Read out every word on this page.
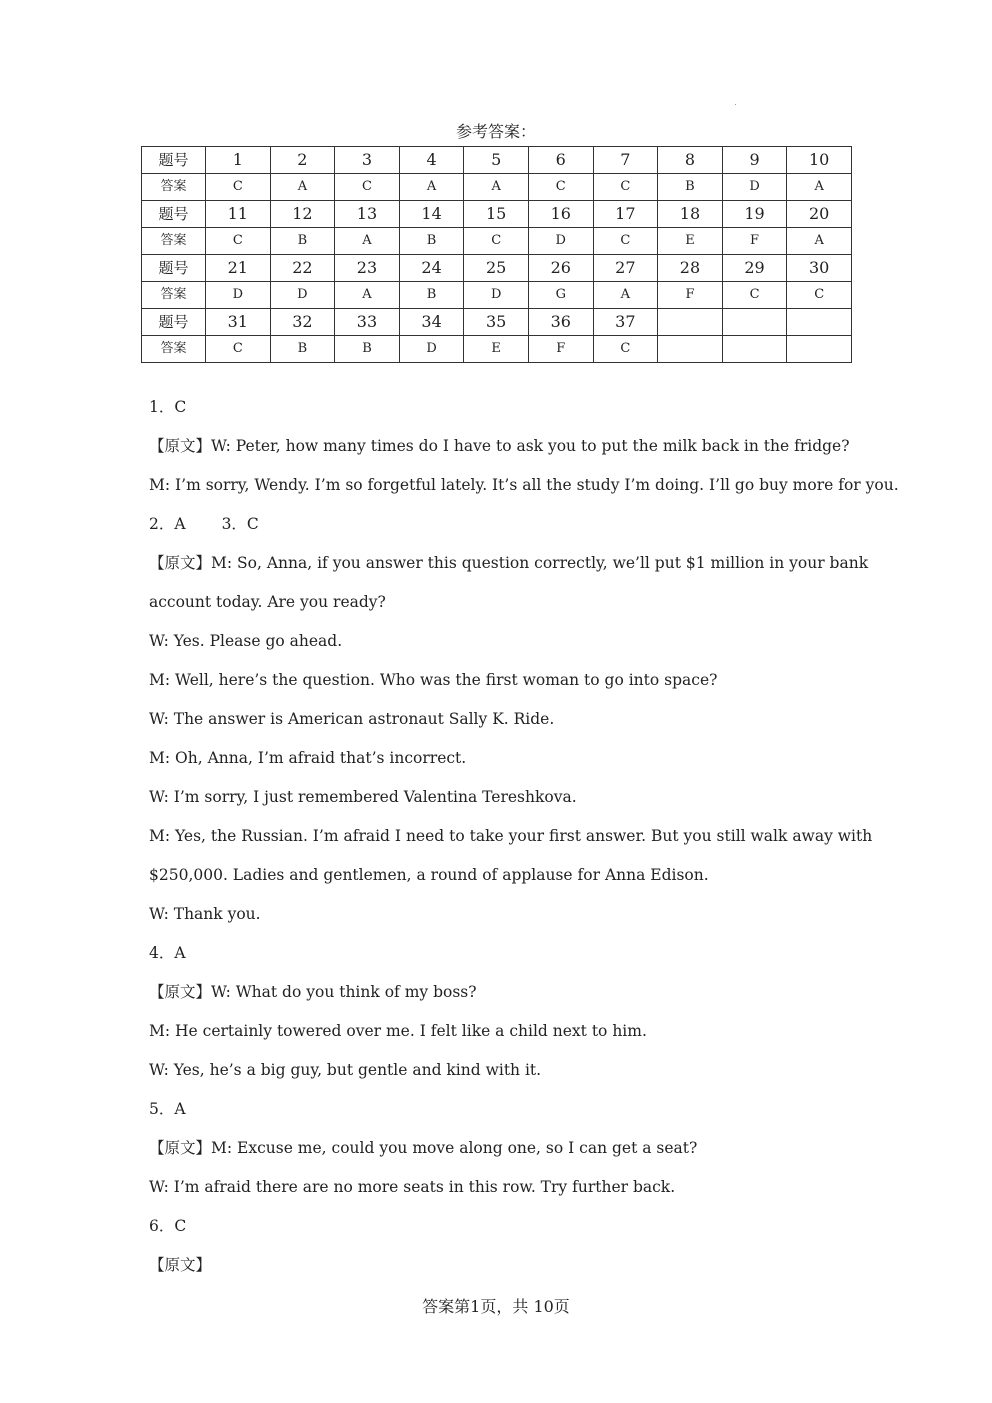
参考答案：
题号	1	2	3	4	5	6	7	8	9	10
答案	C	A	C	A	A	C	C	B	D	A
题号	11	12	13	14	15	16	17	18	19	20
答案	C	B	A	B	C	D	C	E	F	A
题号	21	22	23	24	25	26	27	28	29	30
答案	D	D	A	B	D	G	A	F	C	C
题号	31	32	33	34	35	36	37			
答案	C	B	B	D	E	F	C			
1．C
【原文】W: Peter, how many times do I have to ask you to put the milk back in the fridge?
M: I’m sorry, Wendy. I’m so forgetful lately. It’s all the study I’m doing. I’ll go buy more for you.
2．A 3．C
【原文】M: So, Anna, if you answer this question correctly, we’ll put $1 million in your bank
account today. Are you ready?
W: Yes. Please go ahead.
M: Well, here’s the question. Who was the first woman to go into space?
W: The answer is American astronaut Sally K. Ride.
M: Oh, Anna, I’m afraid that’s incorrect.
W: I’m sorry, I just remembered Valentina Tereshkova.
M: Yes, the Russian. I’m afraid I need to take your first answer. But you still walk away with
$250,000. Ladies and gentlemen, a round of applause for Anna Edison.
W: Thank you.
4．A
【原文】W: What do you think of my boss?
M: He certainly towered over me. I felt like a child next to him.
W: Yes, he’s a big guy, but gentle and kind with it.
5．A
【原文】M: Excuse me, could you move along one, so I can get a seat?
W: I’m afraid there are no more seats in this row. Try further back.
6．C
【原文】
答案第1页，共 10页
